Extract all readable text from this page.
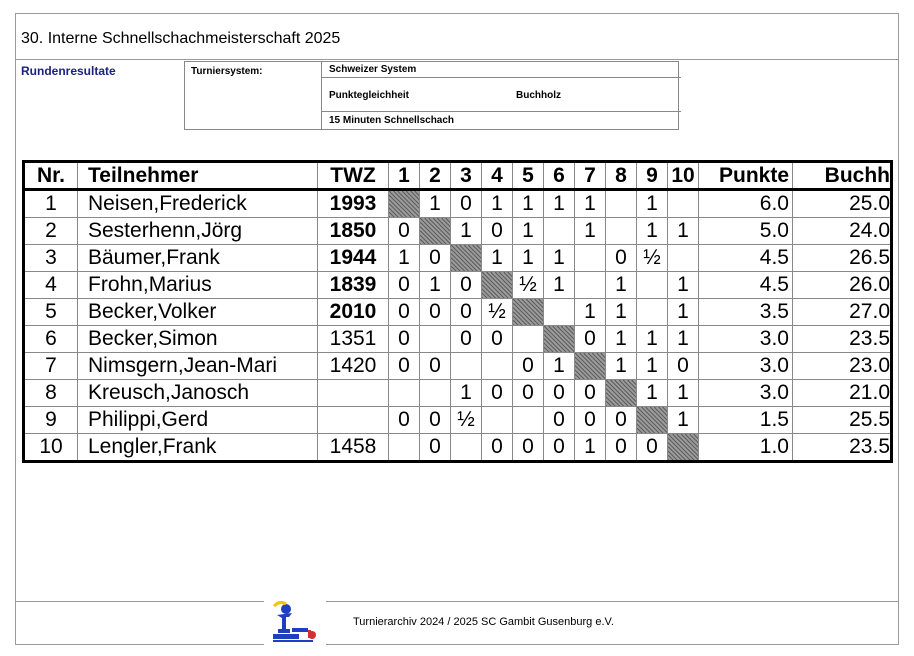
30. Interne Schnellschachmeisterschaft 2025
Rundenresultate	Turniersystem:	Schweizer System
Punktegleichheit	Buchholz
15 Minuten Schnellschach
Nr.	Teilnehmer	TWZ	1	2	3	4	5	6	7	8	9	10	Punkte	Buchh
1	Neisen,Frederick	1993		1	0	1	1	1	1		1		6.0	25.0
2	Sesterhenn,Jörg	1850	0		1	0	1		1		1	1	5.0	24.0
3	Bäumer,Frank	1944	1	0		1	1	1		0	½		4.5	26.5
4	Frohn,Marius	1839	0	1	0		½	1		1		1	4.5	26.0
5	Becker,Volker	2010	0	0	0	½			1	1		1	3.5	27.0
6	Becker,Simon	1351	0		0	0			0	1	1	1	3.0	23.5
7	Nimsgern,Jean-Mari	1420	0	0			0	1		1	1	0	3.0	23.0
8	Kreusch,Janosch				1	0	0	0	0		1	1	3.0	21.0
9	Philippi,Gerd		0	0	½			0	0	0		1	1.5	25.5
10	Lengler,Frank	1458		0		0	0	0	1	0	0		1.0	23.5
Turnierarchiv 2024 / 2025 SC Gambit Gusenburg e.V.
